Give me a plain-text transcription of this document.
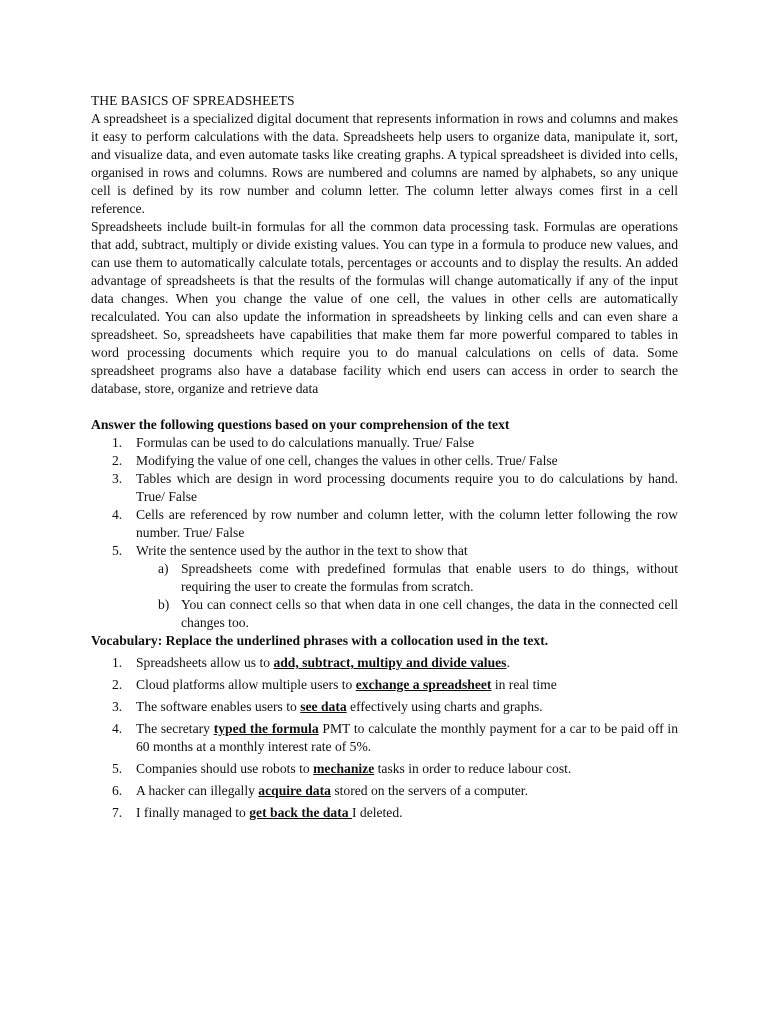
THE BASICS OF SPREADSHEETS

A spreadsheet is a specialized digital document that represents information in rows and columns and makes it easy to perform calculations with the data. Spreadsheets help users to organize data, manipulate it, sort, and visualize data, and even automate tasks like creating graphs. A typical spreadsheet is divided into cells, organised in rows and columns. Rows are numbered and columns are named by alphabets, so any unique cell is defined by its row number and column letter. The column letter always comes first in a cell reference.

Spreadsheets include built-in formulas for all the common data processing task. Formulas are operations that add, subtract, multiply or divide existing values. You can type in a formula to produce new values, and can use them to automatically calculate totals, percentages or accounts and to display the results. An added advantage of spreadsheets is that the results of the formulas will change automatically if any of the input data changes. When you change the value of one cell, the values in other cells are automatically recalculated. You can also update the information in spreadsheets by linking cells and can even share a spreadsheet. So, spreadsheets have capabilities that make them far more powerful compared to tables in word processing documents which require you to do manual calculations on cells of data. Some spreadsheet programs also have a database facility which end users can access in order to search the database, store, organize and retrieve data

Answer the following questions based on your comprehension of the text

1. Formulas can be used to do calculations manually. True/ False
2. Modifying the value of one cell, changes the values in other cells. True/ False
3. Tables which are design in word processing documents require you to do calculations by hand. True/ False
4. Cells are referenced by row number and column letter, with the column letter following the row number. True/ False
5. Write the sentence used by the author in the text to show that
a) Spreadsheets come with predefined formulas that enable users to do things, without requiring the user to create the formulas from scratch.
b) You can connect cells so that when data in one cell changes, the data in the connected cell changes too.

Vocabulary: Replace the underlined phrases with a collocation used in the text.

1. Spreadsheets allow us to add, subtract, multipy and divide values.
2. Cloud platforms allow multiple users to exchange a spreadsheet in real time
3. The software enables users to see data effectively using charts and graphs.
4. The secretary typed the formula PMT to calculate the monthly payment for a car to be paid off in 60 months at a monthly interest rate of 5%.
5. Companies should use robots to mechanize tasks in order to reduce labour cost.
6. A hacker can illegally acquire data stored on the servers of a computer.
7. I finally managed to get back the data I deleted.
